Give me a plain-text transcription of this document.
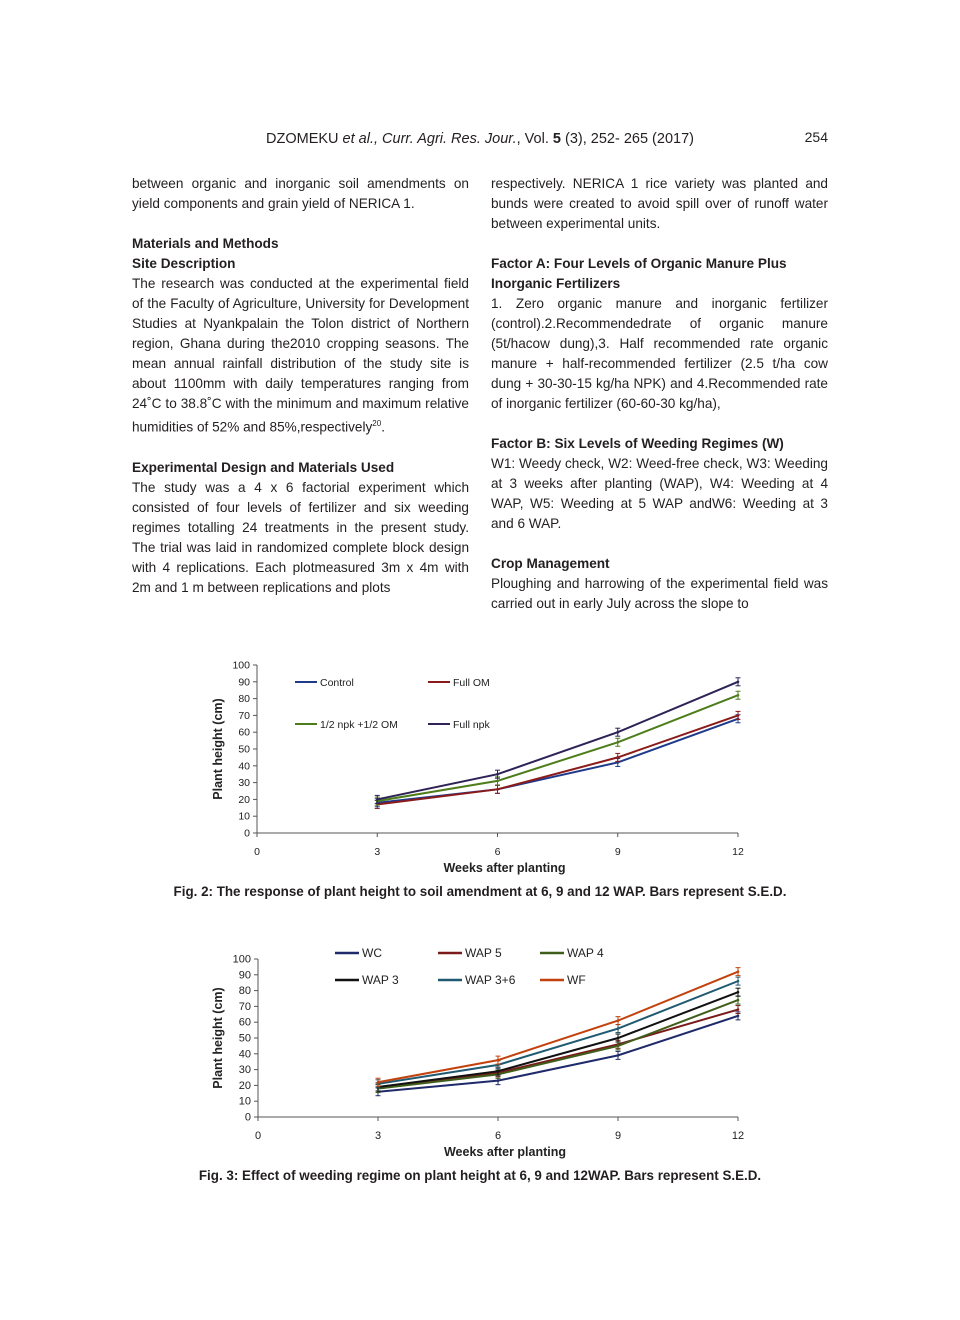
DZOMEKU et al., Curr. Agri. Res. Jour., Vol. 5 (3), 252- 265 (2017)	254

between organic and inorganic soil amendments on yield components and grain yield of NERICA 1.

Materials and Methods
Site Description

The research was conducted at the experimental field of the Faculty of Agriculture, University for Development Studies at Nyankpalain the Tolon district of Northern region, Ghana during the2010 cropping seasons. The mean annual rainfall distribution of the study site is about 1100mm with daily temperatures ranging from 24˚C to 38.8˚C with the minimum and maximum relative humidities of 52% and 85%,respectively$^{20}$.

Experimental Design and Materials Used

The study was a 4 x 6 factorial experiment which consisted of four levels of fertilizer and six weeding regimes totalling 24 treatments in the present study. The trial was laid in randomized complete block design with 4 replications. Each plotmeasured 3m x 4m with 2m and 1 m between replications and plots

respectively. NERICA 1 rice variety was planted and bunds were created to avoid spill over of runoff water between experimental units.

Factor A: Four Levels of Organic Manure Plus Inorganic Fertilizers

1. Zero organic manure and inorganic fertilizer (control).2.Recommendedrate of organic manure (5t/hacow dung),3. Half recommended rate organic manure + half-recommended fertilizer (2.5 t/ha cow dung + 30-30-15 kg/ha NPK) and 4.Recommended rate of inorganic fertilizer (60-60-30 kg/ha),

Factor B: Six Levels of Weeding Regimes (W)

W1: Weedy check, W2: Weed-free check, W3: Weeding at 3 weeks after planting (WAP), W4: Weeding at 4 WAP, W5: Weeding at 5 WAP andW6: Weeding at 3 and 6 WAP.

Crop Management

Ploughing and harrowing of the experimental field was carried out in early July across the slope to

0
10
20
30
40
50
60
70
80
90
100
0	3	6	9	12
Weeks after planting
Plant height (cm)
Control	Full OM
1/2 npk +1/2 OM	Full npk
Fig. 2: The response of plant height to soil amendment at 6, 9 and 12 WAP. Bars represent S.E.D.
0
10
20
30
40
50
60
70
80
90
100
0	3	6	9	12
Weeks after planting
Plant height (cm)
WC	WAP 5	WAP 4
WAP 3	WAP 3+6	WF
Fig. 3: Effect of weeding regime on plant height at 6, 9 and 12WAP. Bars represent S.E.D.
